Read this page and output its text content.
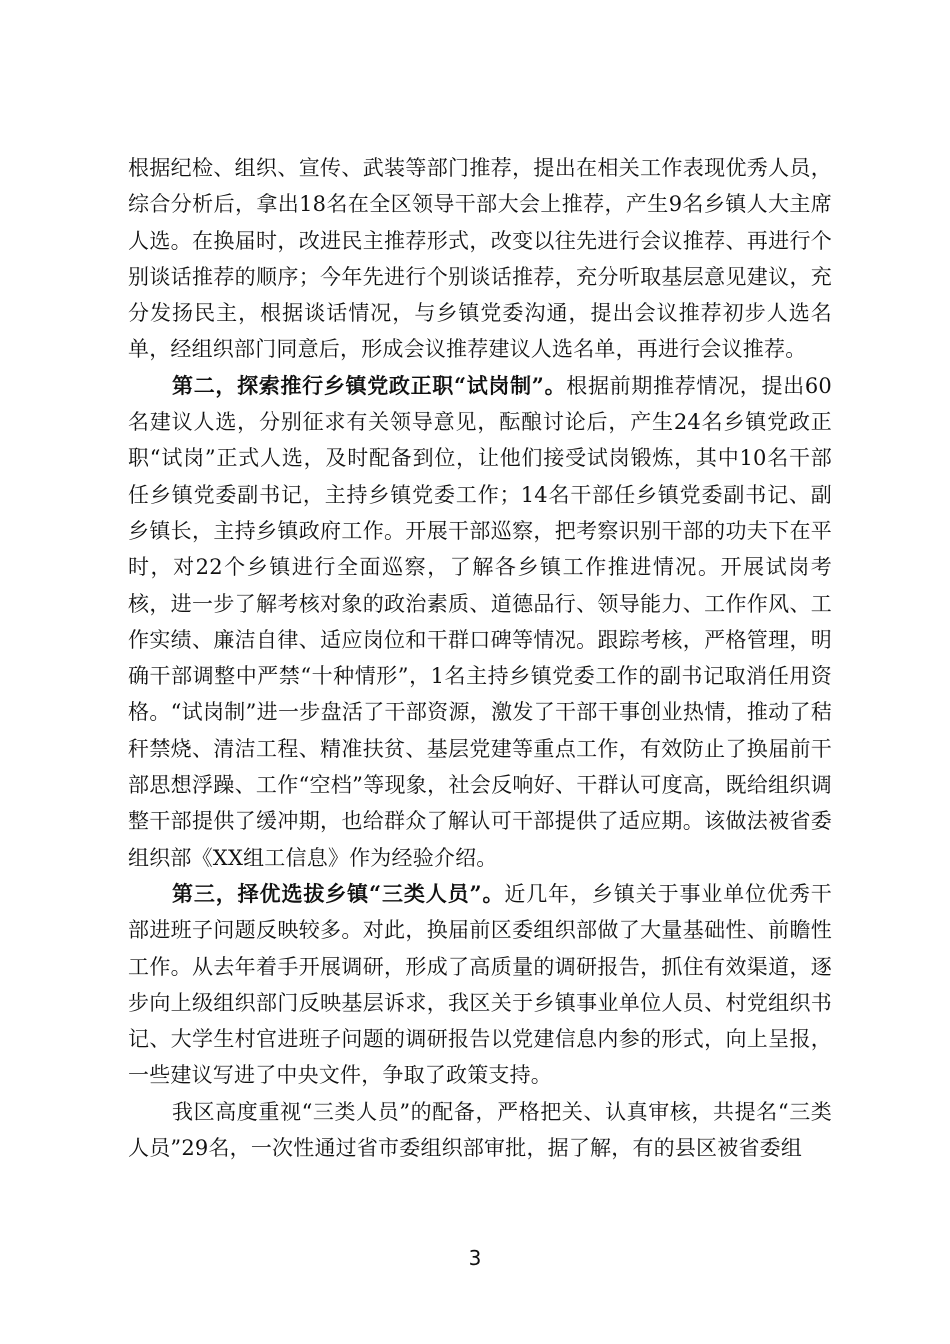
根据纪检、组织、宣传、武装等部门推荐，提出在相关工作表现优秀人员，综合分析后，拿出18名在全区领导干部大会上推荐，产生9名乡镇人大主席人选。在换届时，改进民主推荐形式，改变以往先进行会议推荐、再进行个别谈话推荐的顺序；今年先进行个别谈话推荐，充分听取基层意见建议，充分发扬民主，根据谈话情况，与乡镇党委沟通，提出会议推荐初步人选名单，经组织部门同意后，形成会议推荐建议人选名单，再进行会议推荐。

第二，探索推行乡镇党政正职“试岗制”。根据前期推荐情况，提出60名建议人选，分别征求有关领导意见，酝酿讨论后，产生24名乡镇党政正职“试岗”正式人选，及时配备到位，让他们接受试岗锻炼，其中10名干部任乡镇党委副书记，主持乡镇党委工作；14名干部任乡镇党委副书记、副乡镇长，主持乡镇政府工作。开展干部巡察，把考察识别干部的功夫下在平时，对22个乡镇进行全面巡察，了解各乡镇工作推进情况。开展试岗考核，进一步了解考核对象的政治素质、道德品行、领导能力、工作作风、工作实绩、廉洁自律、适应岗位和干群口碑等情况。跟踪考核，严格管理，明确干部调整中严禁“十种情形”，1名主持乡镇党委工作的副书记取消任用资格。“试岗制”进一步盘活了干部资源，激发了干部干事创业热情，推动了秸秆禁烧、清洁工程、精准扶贫、基层党建等重点工作，有效防止了换届前干部思想浮躁、工作“空档”等现象，社会反响好、干群认可度高，既给组织调整干部提供了缓冲期，也给群众了解认可干部提供了适应期。该做法被省委组织部《XX组工信息》作为经验介绍。

第三，择优选拔乡镇“三类人员”。近几年，乡镇关于事业单位优秀干部进班子问题反映较多。对此，换届前区委组织部做了大量基础性、前瞻性工作。从去年着手开展调研，形成了高质量的调研报告，抓住有效渠道，逐步向上级组织部门反映基层诉求，我区关于乡镇事业单位人员、村党组织书记、大学生村官进班子问题的调研报告以党建信息内参的形式，向上呈报，一些建议写进了中央文件，争取了政策支持。

我区高度重视“三类人员”的配备，严格把关、认真审核，共提名“三类人员”29名，一次性通过省市委组织部审批，据了解，有的县区被省委组

3
